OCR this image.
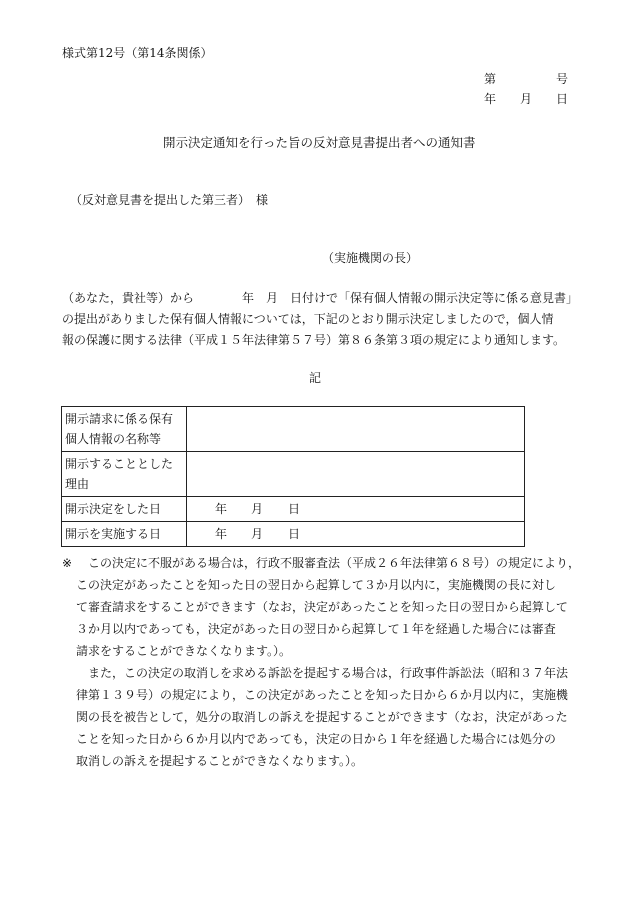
様式第12号（第14条関係）
第	号
年 月 日
開示決定通知を行った旨の反対意見書提出者への通知書
（反対意見書を提出した第三者）　様
（実施機関の長）
（あなた，貴社等）から　　　　年　月　日付けで「保有個人情報の開示決定等に係る意見書」
の提出がありました保有個人情報については，下記のとおり開示決定しましたので，個人情
報の保護に関する法律（平成１５年法律第５７号）第８６条第３項の規定により通知します。
記
開示請求に係る保有
個人情報の名称等	

開示することとした
理由	

開示決定をした日	年 月 日

開示を実施する日	年 月 日
※ この決定に不服がある場合は，行政不服審査法（平成２６年法律第６８号）の規定により，
この決定があったことを知った日の翌日から起算して３か月以内に，実施機関の長に対し
て審査請求をすることができます（なお，決定があったことを知った日の翌日から起算して
３か月以内であっても，決定があった日の翌日から起算して１年を経過した場合には審査
請求をすることができなくなります。）。
　また，この決定の取消しを求める訴訟を提起する場合は，行政事件訴訟法（昭和３７年法
律第１３９号）の規定により，この決定があったことを知った日から６か月以内に，実施機
関の長を被告として，処分の取消しの訴えを提起することができます（なお，決定があった
ことを知った日から６か月以内であっても，決定の日から１年を経過した場合には処分の
取消しの訴えを提起することができなくなります。）。
